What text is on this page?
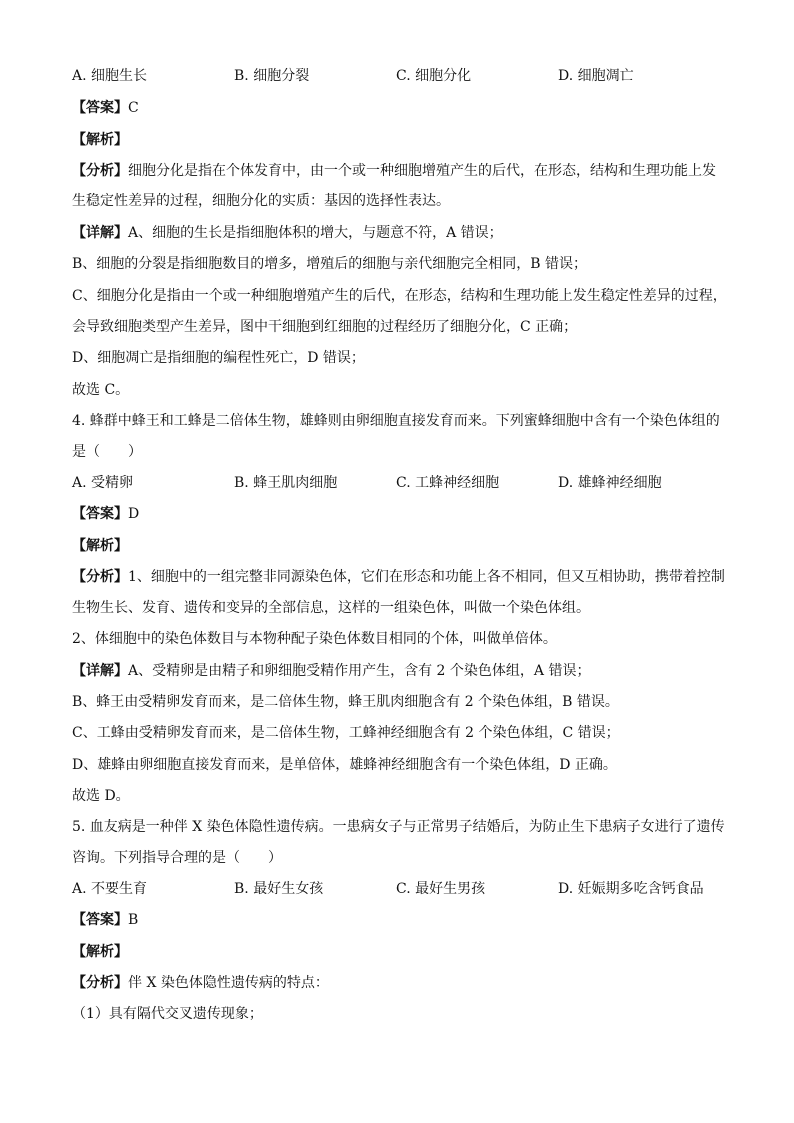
A. 细胞生长	B. 细胞分裂	C. 细胞分化	D. 细胞凋亡
【答案】C
【解析】
【分析】细胞分化是指在个体发育中，由一个或一种细胞增殖产生的后代，在形态，结构和生理功能上发
生稳定性差异的过程，细胞分化的实质：基因的选择性表达。
【详解】A、细胞的生长是指细胞体积的增大，与题意不符，A 错误；
B、细胞的分裂是指细胞数目的增多，增殖后的细胞与亲代细胞完全相同，B 错误；
C、细胞分化是指由一个或一种细胞增殖产生的后代，在形态，结构和生理功能上发生稳定性差异的过程，
会导致细胞类型产生差异，图中干细胞到红细胞的过程经历了细胞分化，C 正确；
D、细胞凋亡是指细胞的编程性死亡，D 错误；
故选 C。
4. 蜂群中蜂王和工蜂是二倍体生物，雄蜂则由卵细胞直接发育而来。下列蜜蜂细胞中含有一个染色体组的
是（　　）
A. 受精卵	B. 蜂王肌肉细胞	C. 工蜂神经细胞	D. 雄蜂神经细胞
【答案】D
【解析】
【分析】1、细胞中的一组完整非同源染色体，它们在形态和功能上各不相同，但又互相协助，携带着控制
生物生长、发育、遗传和变异的全部信息，这样的一组染色体，叫做一个染色体组。
2、体细胞中的染色体数目与本物种配子染色体数目相同的个体，叫做单倍体。
【详解】A、受精卵是由精子和卵细胞受精作用产生，含有 2 个染色体组，A 错误；
B、蜂王由受精卵发育而来，是二倍体生物，蜂王肌肉细胞含有 2 个染色体组，B 错误。
C、工蜂由受精卵发育而来，是二倍体生物，工蜂神经细胞含有 2 个染色体组，C 错误；
D、雄蜂由卵细胞直接发育而来，是单倍体，雄蜂神经细胞含有一个染色体组，D 正确。
故选 D。
5. 血友病是一种伴 X 染色体隐性遗传病。一患病女子与正常男子结婚后，为防止生下患病子女进行了遗传
咨询。下列指导合理的是（　　）
A. 不要生育	B. 最好生女孩	C. 最好生男孩	D. 妊娠期多吃含钙食品
【答案】B
【解析】
【分析】伴 X 染色体隐性遗传病的特点：
（1）具有隔代交叉遗传现象；
